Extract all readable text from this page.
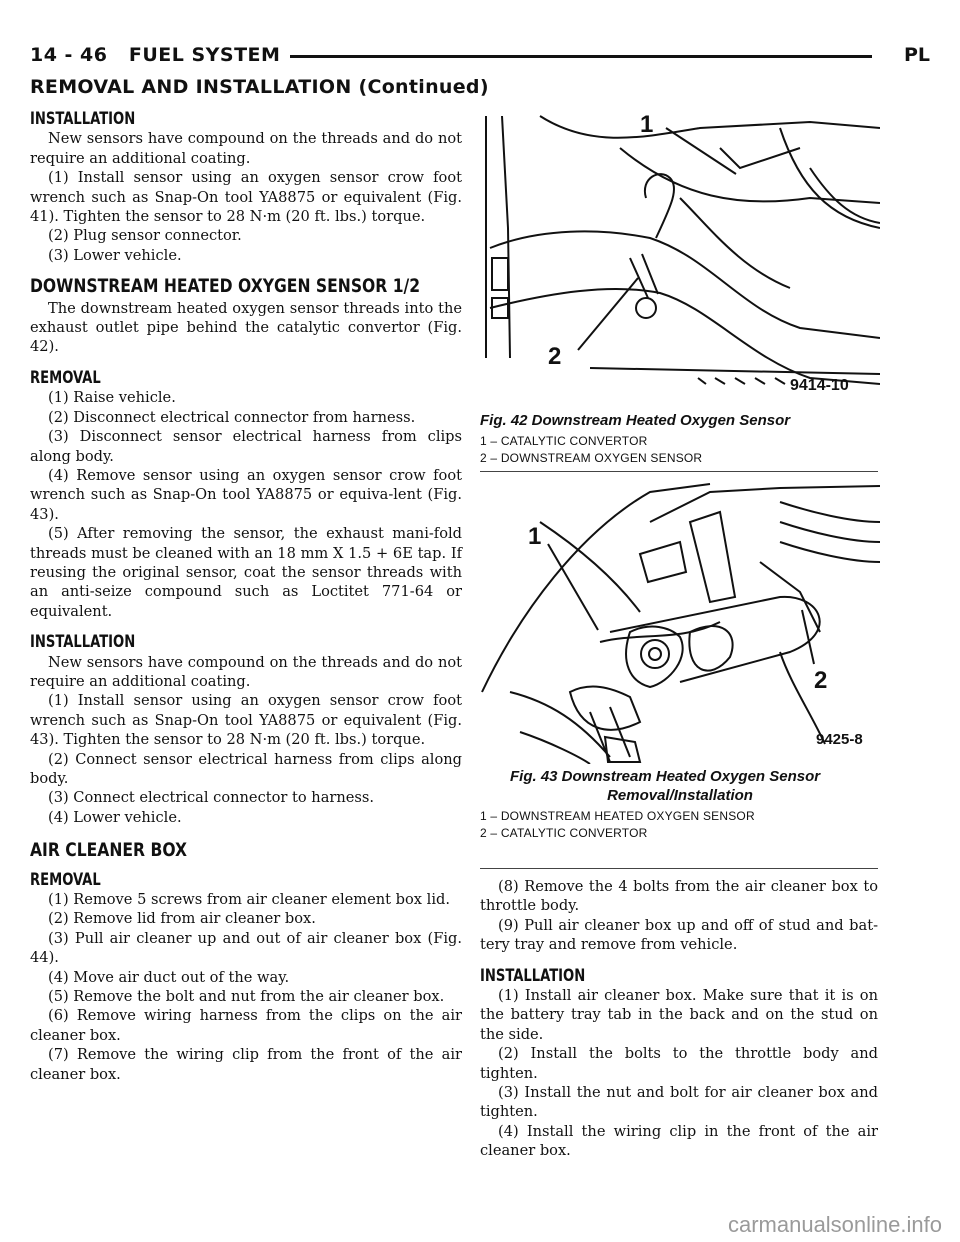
14 - 46   FUEL SYSTEM	PL
REMOVAL AND INSTALLATION (Continued)
INSTALLATION

New sensors have compound on the threads and do not require an additional coating.

(1) Install sensor using an oxygen sensor crow foot wrench such as Snap-On tool YA8875 or equivalent (Fig. 41). Tighten the sensor to 28 N·m (20 ft. lbs.) torque.

(2) Plug sensor connector.

(3) Lower vehicle.

DOWNSTREAM HEATED OXYGEN SENSOR 1/2

The downstream heated oxygen sensor threads into the exhaust outlet pipe behind the catalytic convertor (Fig. 42).

REMOVAL

(1) Raise vehicle.

(2) Disconnect electrical connector from harness.

(3) Disconnect sensor electrical harness from clips along body.

(4) Remove sensor using an oxygen sensor crow foot wrench such as Snap-On tool YA8875 or equiva-lent (Fig. 43).

(5) After removing the sensor, the exhaust mani-fold threads must be cleaned with an 18 mm X 1.5 + 6E tap. If reusing the original sensor, coat the sensor threads with an anti-seize compound such as Loctitet 771-64 or equivalent.

INSTALLATION

New sensors have compound on the threads and do not require an additional coating.

(1) Install sensor using an oxygen sensor crow foot wrench such as Snap-On tool YA8875 or equivalent (Fig. 43). Tighten the sensor to 28 N·m (20 ft. lbs.) torque.

(2) Connect sensor electrical harness from clips along body.

(3) Connect electrical connector to harness.

(4) Lower vehicle.

AIR CLEANER BOX
REMOVAL

(1) Remove 5 screws from air cleaner element box lid.

(2) Remove lid from air cleaner box.

(3) Pull air cleaner up and out of air cleaner box (Fig. 44).

(4) Move air duct out of the way.

(5) Remove the bolt and nut from the air cleaner box.

(6) Remove wiring harness from the clips on the air cleaner box.

(7) Remove the wiring clip from the front of the air cleaner box.

1
2
9414-10
Fig. 42 Downstream Heated Oxygen Sensor
1 – CATALYTIC CONVERTOR
2 – DOWNSTREAM OXYGEN SENSOR
1
2
9425-8
Fig. 43 Downstream Heated Oxygen Sensor
Removal/Installation
1 – DOWNSTREAM HEATED OXYGEN SENSOR
2 – CATALYTIC CONVERTOR

(8) Remove the 4 bolts from the air cleaner box to throttle body.

(9) Pull air cleaner box up and off of stud and bat-tery tray and remove from vehicle.

INSTALLATION

(1) Install air cleaner box. Make sure that it is on the battery tray tab in the back and on the stud on the side.

(2) Install the bolts to the throttle body and tighten.

(3) Install the nut and bolt for air cleaner box and tighten.

(4) Install the wiring clip in the front of the air cleaner box.

carmanualsonline.info
